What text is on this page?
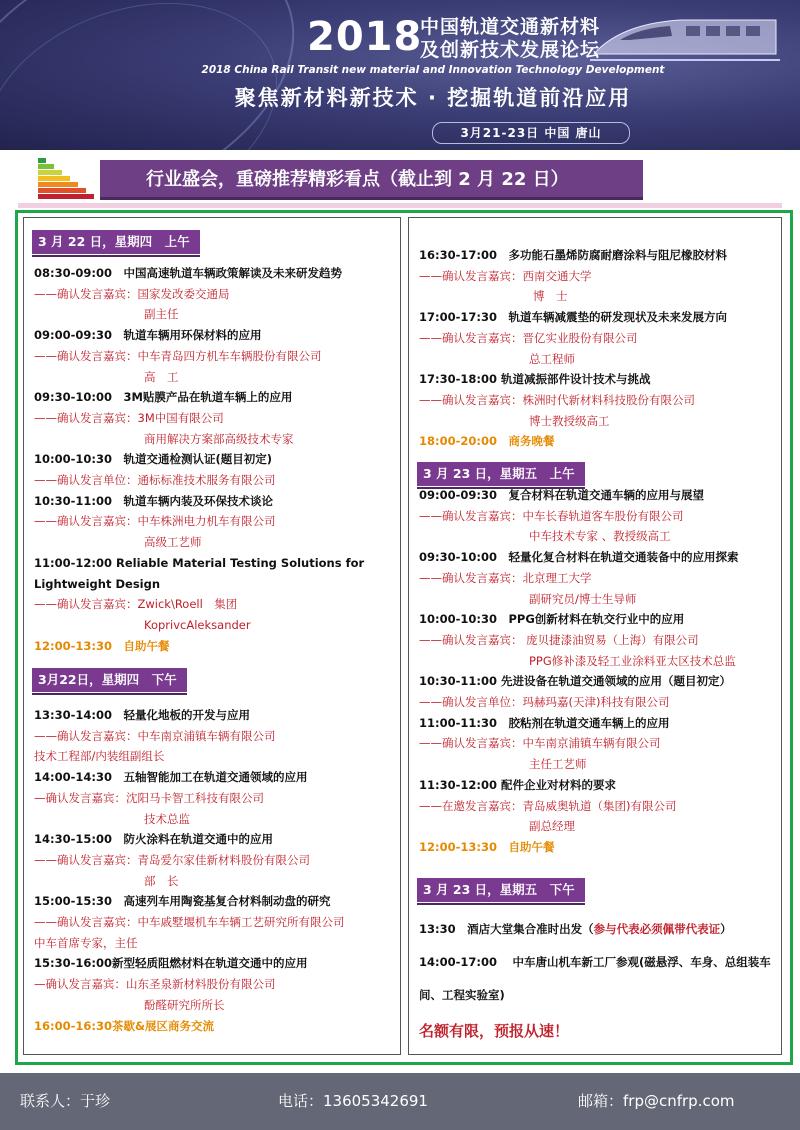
2018
中国轨道交通新材料
及创新技术发展论坛
2018 China Rail Transit new material and Innovation Technology Development
聚焦新材料新技术 · 挖掘轨道前沿应用
3月21-23日 中国 唐山
行业盛会，重磅推荐精彩看点（截止到 2 月 22 日）
3 月 22 日，星期四　上午
08:30-09:00　中国高速轨道车辆政策解读及未来研发趋势
——确认发言嘉宾：国家发改委交通局
副主任
09:00-09:30　轨道车辆用环保材料的应用
——确认发言嘉宾：中车青岛四方机车车辆股份有限公司
高　工
09:30-10:00　3M贴膜产品在轨道车辆上的应用
——确认发言嘉宾：3M中国有限公司
商用解决方案部高级技术专家
10:00-10:30　轨道交通检测认证(题目初定)
——确认发言单位：通标标准技术服务有限公司
10:30-11:00　轨道车辆内装及环保技术谈论
——确认发言嘉宾：中车株洲电力机车有限公司
高级工艺师
11:00-12:00 Reliable Material Testing Solutions for
Lightweight Design
——确认发言嘉宾：Zwick\Roell　集团
KoprivcAleksander
12:00-13:30　自助午餐
3月22日，星期四　下午
13:30-14:00　轻量化地板的开发与应用
——确认发言嘉宾：中车南京浦镇车辆有限公司
技术工程部/内装组副组长
14:00-14:30　五轴智能加工在轨道交通领域的应用
—确认发言嘉宾：沈阳马卡智工科技有限公司
技术总监
14:30-15:00　防火涂料在轨道交通中的应用
——确认发言嘉宾：青岛爱尔家佳新材料股份有限公司
部　长
15:00-15:30　高速列车用陶瓷基复合材料制动盘的研究
——确认发言嘉宾：中车戚墅堰机车车辆工艺研究所有限公司
中车首席专家，主任
15:30-16:00新型轻质阻燃材料在轨道交通中的应用
—确认发言嘉宾：山东圣泉新材料股份有限公司
酚醛研究所所长
16:00-16:30茶歇&展区商务交流
16:30-17:00　多功能石墨烯防腐耐磨涂料与阻尼橡胶材料
——确认发言嘉宾：西南交通大学
博　士
17:00-17:30　轨道车辆减震垫的研发现状及未来发展方向
——确认发言嘉宾：晋亿实业股份有限公司
总工程师
17:30-18:00 轨道减振部件设计技术与挑战
——确认发言嘉宾：株洲时代新材料科技股份有限公司
博士教授级高工
18:00-20:00　商务晚餐
3 月 23 日，星期五　上午
09:00-09:30　复合材料在轨道交通车辆的应用与展望
——确认发言嘉宾：中车长春轨道客车股份有限公司
中车技术专家 、教授级高工
09:30-10:00　轻量化复合材料在轨道交通装备中的应用探索
——确认发言嘉宾：北京理工大学
副研究员/博士生导师
10:00-10:30　PPG创新材料在轨交行业中的应用
——确认发言嘉宾： 庞贝捷漆油贸易（上海）有限公司
PPG修补漆及轻工业涂料亚太区技术总监
10:30-11:00 先进设备在轨道交通领域的应用（题目初定）
——确认发言单位：玛赫玛嘉(天津)科技有限公司
11:00-11:30　胶粘剂在轨道交通车辆上的应用
——确认发言嘉宾：中车南京浦镇车辆有限公司
主任工艺师
11:30-12:00 配件企业对材料的要求
——在邀发言嘉宾：青岛威奥轨道（集团)有限公司
副总经理
12:00-13:30　自助午餐
3 月 23 日，星期五　下午
13:30　酒店大堂集合准时出发（参与代表必须佩带代表证）
14:00-17:00　 中车唐山机车新工厂参观(磁悬浮、车身、总组装车
间、工程实验室)
名额有限，预报从速！
联系人：于珍	电话：13605342691	邮箱：frp@cnfrp.com
